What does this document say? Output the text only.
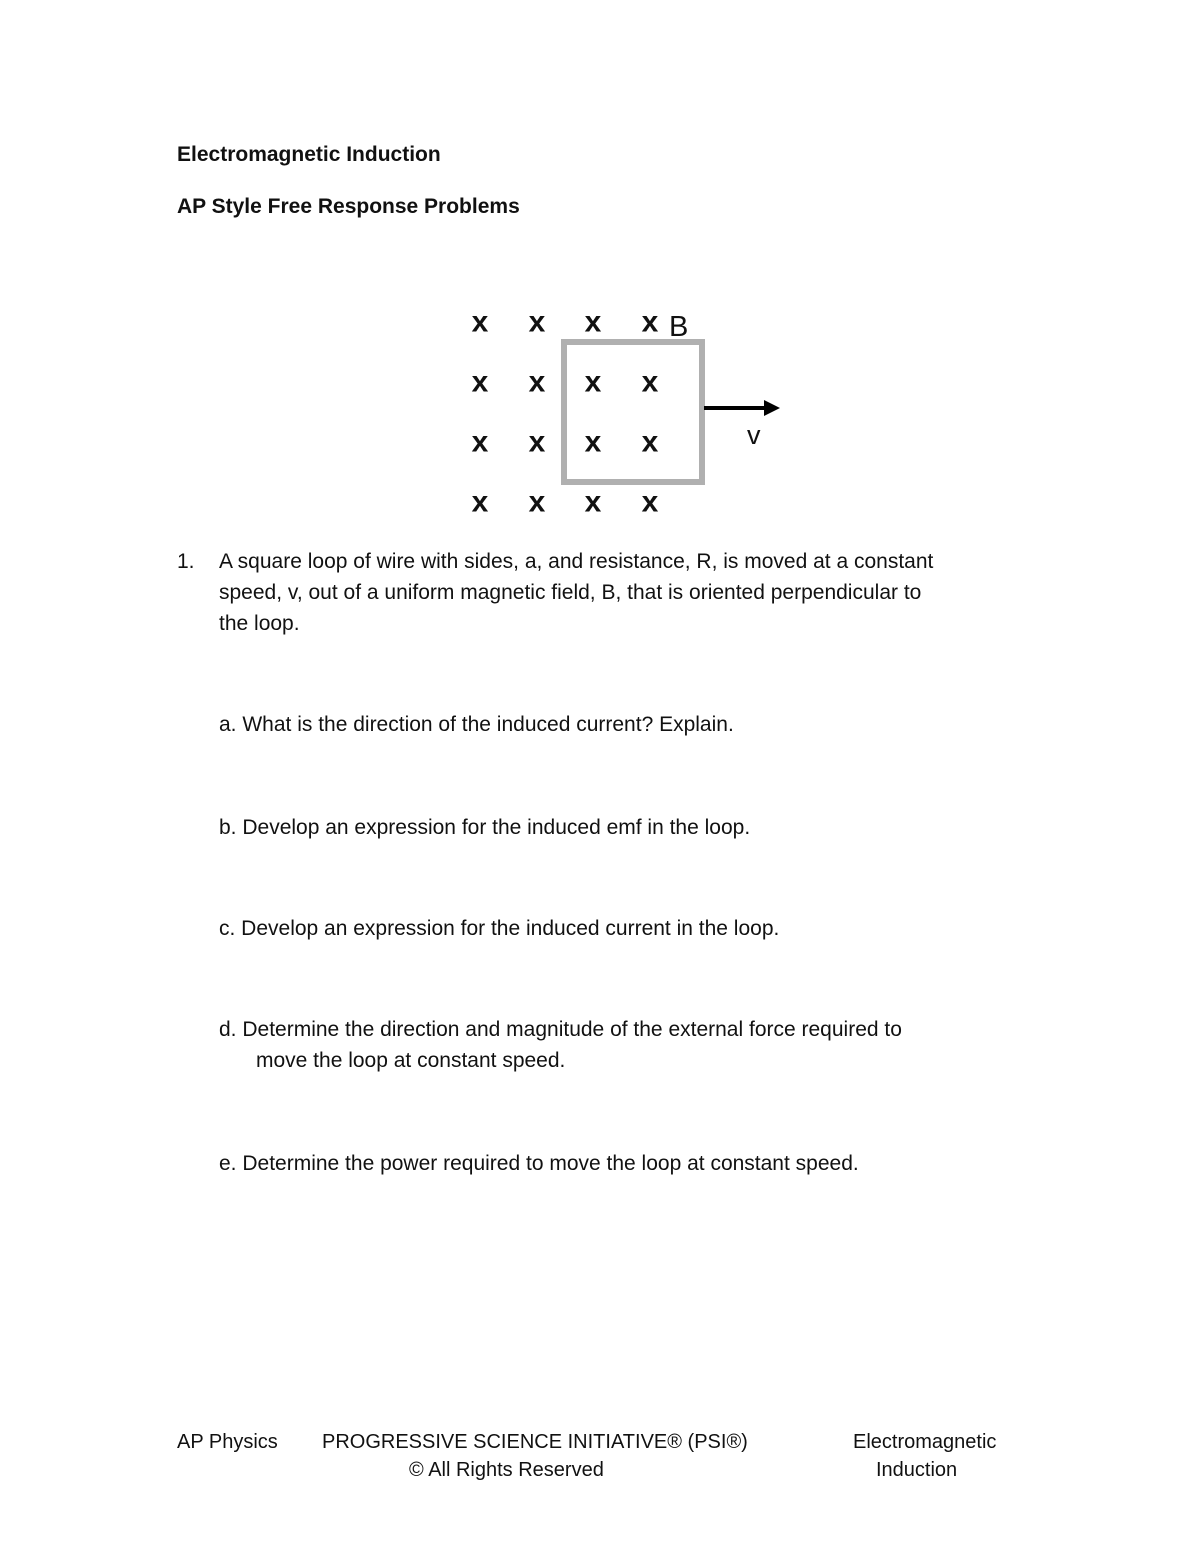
Electromagnetic Induction
AP Style Free Response Problems
x x x x
x x x x
x x x x
x x x x
B
v
1.	A square loop of wire with sides, a, and resistance, R, is moved at a constant
speed, v, out of a uniform magnetic field, B, that is oriented perpendicular to
the loop.
a. What is the direction of the induced current? Explain.
b. Develop an expression for the induced emf in the loop.
c. Develop an expression for the induced current in the loop.
d. Determine the direction and magnitude of the external force required to
move the loop at constant speed.
e. Determine the power required to move the loop at constant speed.
AP Physics PROGRESSIVE SCIENCE INITIATIVE® (PSI®)
© All Rights Reserved
Electromagnetic
Induction
